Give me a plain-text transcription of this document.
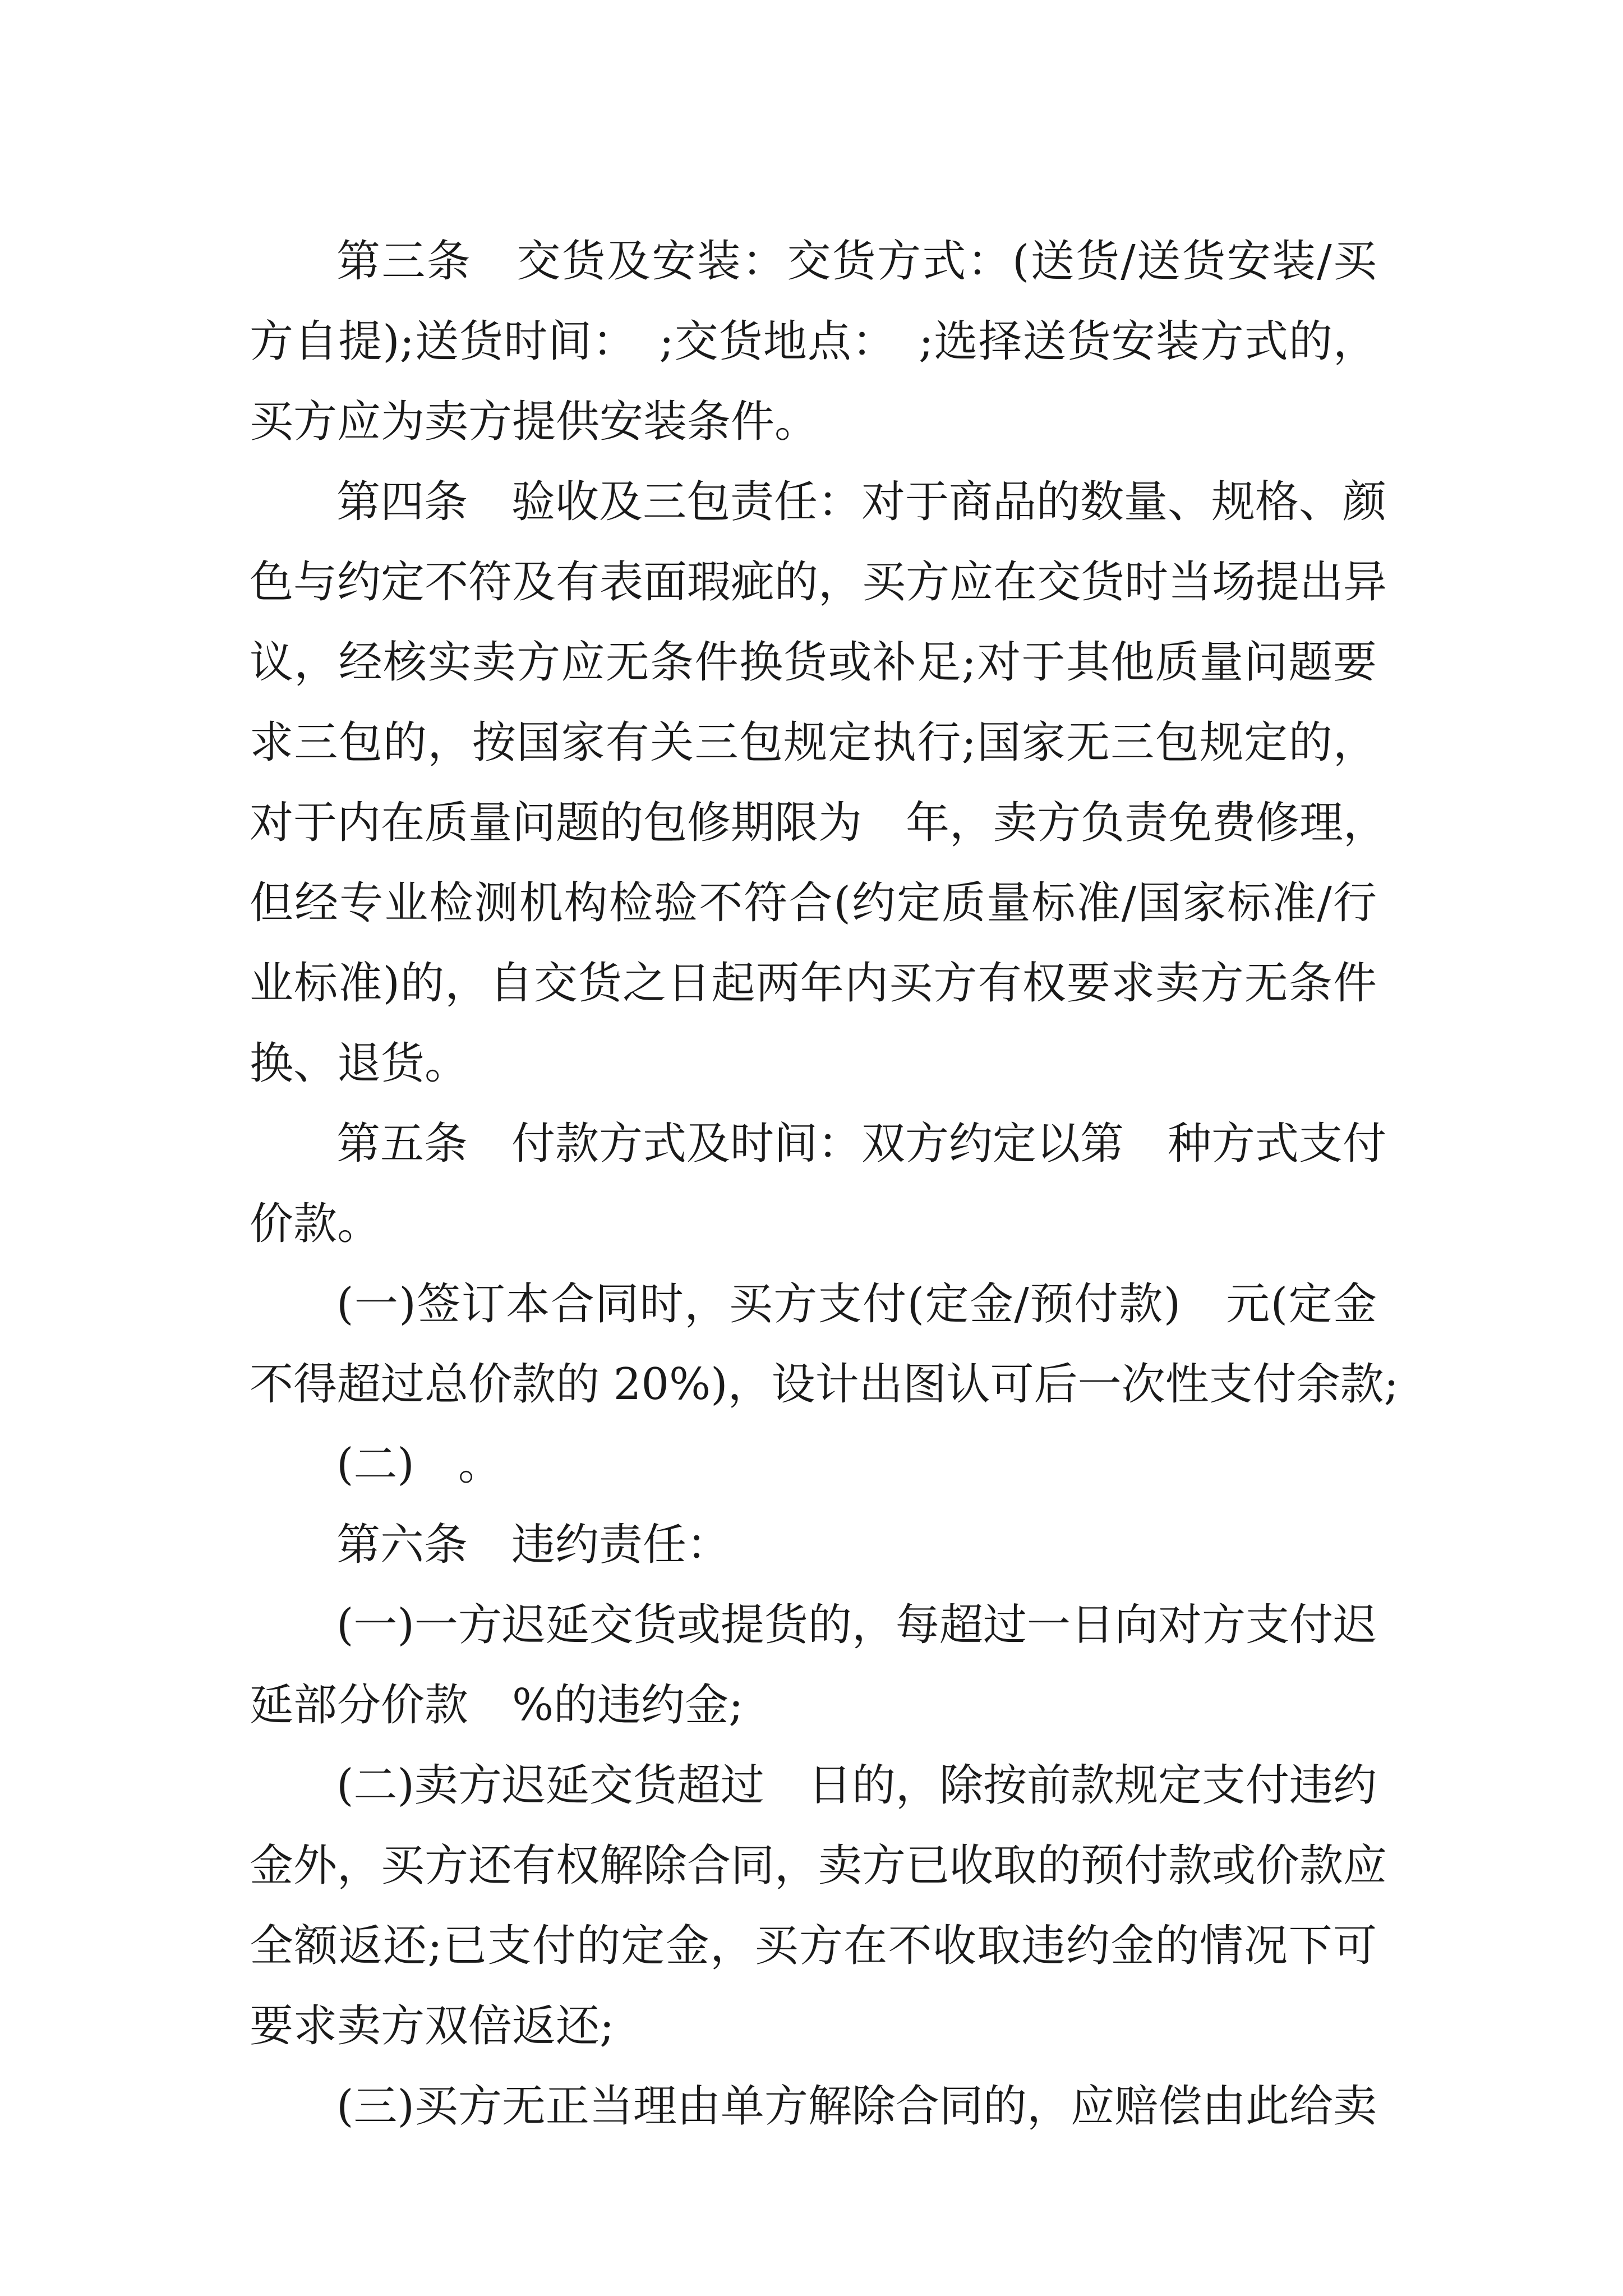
第三条　交货及安装：交货方式：(送货/送货安装/买
方自提);送货时间：　;交货地点：　;选择送货安装方式的，
买方应为卖方提供安装条件。
第四条　验收及三包责任：对于商品的数量、规格、颜
色与约定不符及有表面瑕疵的，买方应在交货时当场提出异
议，经核实卖方应无条件换货或补足;对于其他质量问题要
求三包的，按国家有关三包规定执行;国家无三包规定的，
对于内在质量问题的包修期限为　年，卖方负责免费修理，
但经专业检测机构检验不符合(约定质量标准/国家标准/行
业标准)的，自交货之日起两年内买方有权要求卖方无条件
换、退货。
第五条　付款方式及时间：双方约定以第　种方式支付
价款。
(一)签订本合同时，买方支付(定金/预付款)　元(定金
不得超过总价款的 20%)，设计出图认可后一次性支付余款;
(二)　。
第六条　违约责任：
(一)一方迟延交货或提货的，每超过一日向对方支付迟
延部分价款　%的违约金;
(二)卖方迟延交货超过　日的，除按前款规定支付违约
金外，买方还有权解除合同，卖方已收取的预付款或价款应
全额返还;已支付的定金，买方在不收取违约金的情况下可
要求卖方双倍返还;
(三)买方无正当理由单方解除合同的，应赔偿由此给卖
